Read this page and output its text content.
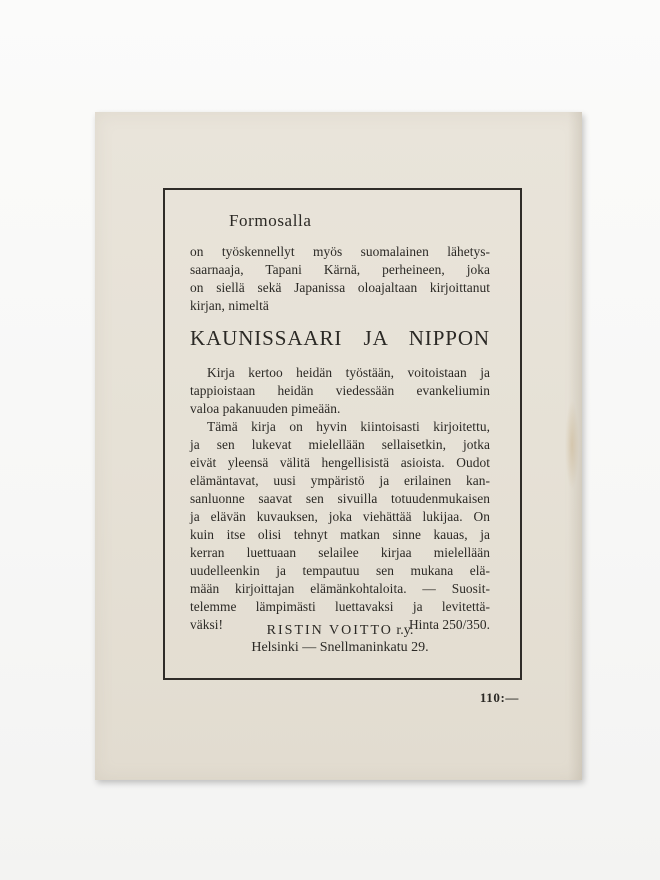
Formosalla
on työskennellyt myös suomalainen lähetys-
saarnaaja, Tapani Kärnä, perheineen, joka
on siellä sekä Japanissa oloajaltaan kirjoittanut
kirjan, nimeltä
KAUNISSAARI JA NIPPON
Kirja kertoo heidän työstään, voitoistaan ja
tappioistaan heidän viedessään evankeliumin
valoa pakanuuden pimeään.
Tämä kirja on hyvin kiintoisasti kirjoitettu,
ja sen lukevat mielellään sellaisetkin, jotka
eivät yleensä välitä hengellisistä asioista. Oudot
elämäntavat, uusi ympäristö ja erilainen kan-
sanluonne saavat sen sivuilla totuudenmukaisen
ja elävän kuvauksen, joka viehättää lukijaa. On
kuin itse olisi tehnyt matkan sinne kauas, ja
kerran luettuaan selailee kirjaa mielellään
uudelleenkin ja tempautuu sen mukana elä-
mään kirjoittajan elämänkohtaloita. — Suosit-
telemme lämpimästi luettavaksi ja levitettä-
väksi!	Hinta 250/350.
RISTIN VOITTO r.y.
Helsinki — Snellmaninkatu 29.
110:—
